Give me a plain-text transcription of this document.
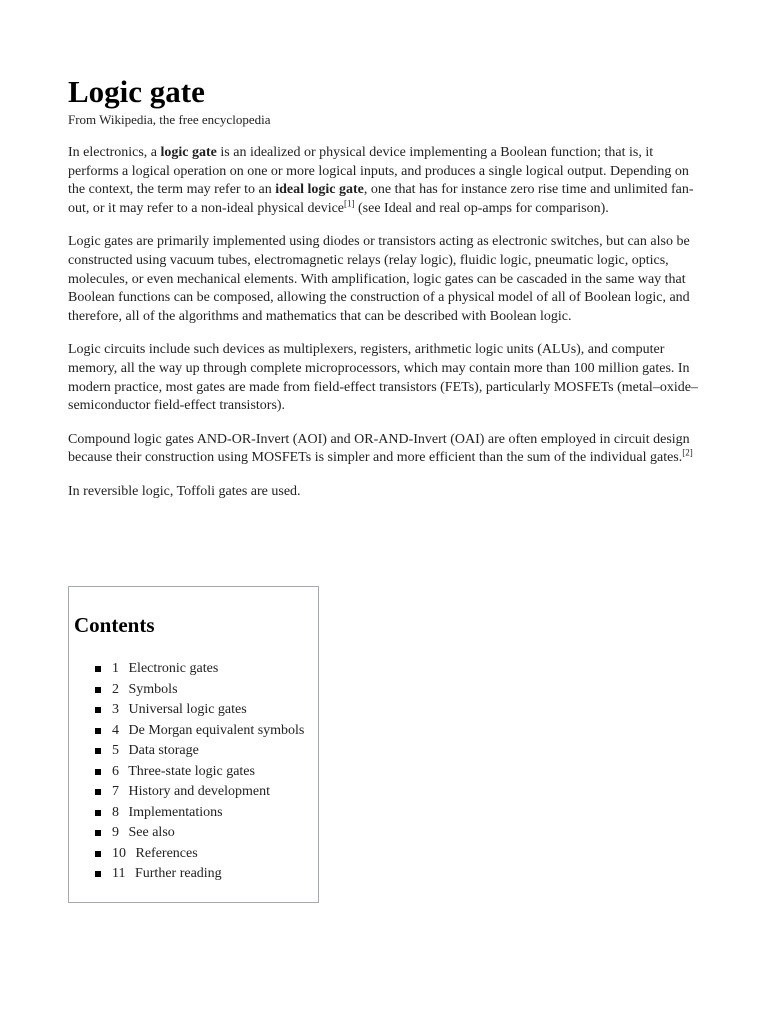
Logic gate
From Wikipedia, the free encyclopedia

In electronics, a logic gate is an idealized or physical device implementing a Boolean function; that is, it performs a logical operation on one or more logical inputs, and produces a single logical output. Depending on the context, the term may refer to an ideal logic gate, one that has for instance zero rise time and unlimited fan-out, or it may refer to a non-ideal physical device[1] (see Ideal and real op-amps for comparison).

Logic gates are primarily implemented using diodes or transistors acting as electronic switches, but can also be constructed using vacuum tubes, electromagnetic relays (relay logic), fluidic logic, pneumatic logic, optics, molecules, or even mechanical elements. With amplification, logic gates can be cascaded in the same way that Boolean functions can be composed, allowing the construction of a physical model of all of Boolean logic, and therefore, all of the algorithms and mathematics that can be described with Boolean logic.

Logic circuits include such devices as multiplexers, registers, arithmetic logic units (ALUs), and computer memory, all the way up through complete microprocessors, which may contain more than 100 million gates. In modern practice, most gates are made from field-effect transistors (FETs), particularly MOSFETs (metal–oxide–semiconductor field-effect transistors).

Compound logic gates AND-OR-Invert (AOI) and OR-AND-Invert (OAI) are often employed in circuit design because their construction using MOSFETs is simpler and more efficient than the sum of the individual gates.[2]

In reversible logic, Toffoli gates are used.

Contents
1 Electronic gates
2 Symbols
3 Universal logic gates
4 De Morgan equivalent symbols
5 Data storage
6 Three-state logic gates
7 History and development
8 Implementations
9 See also
10 References
11 Further reading
